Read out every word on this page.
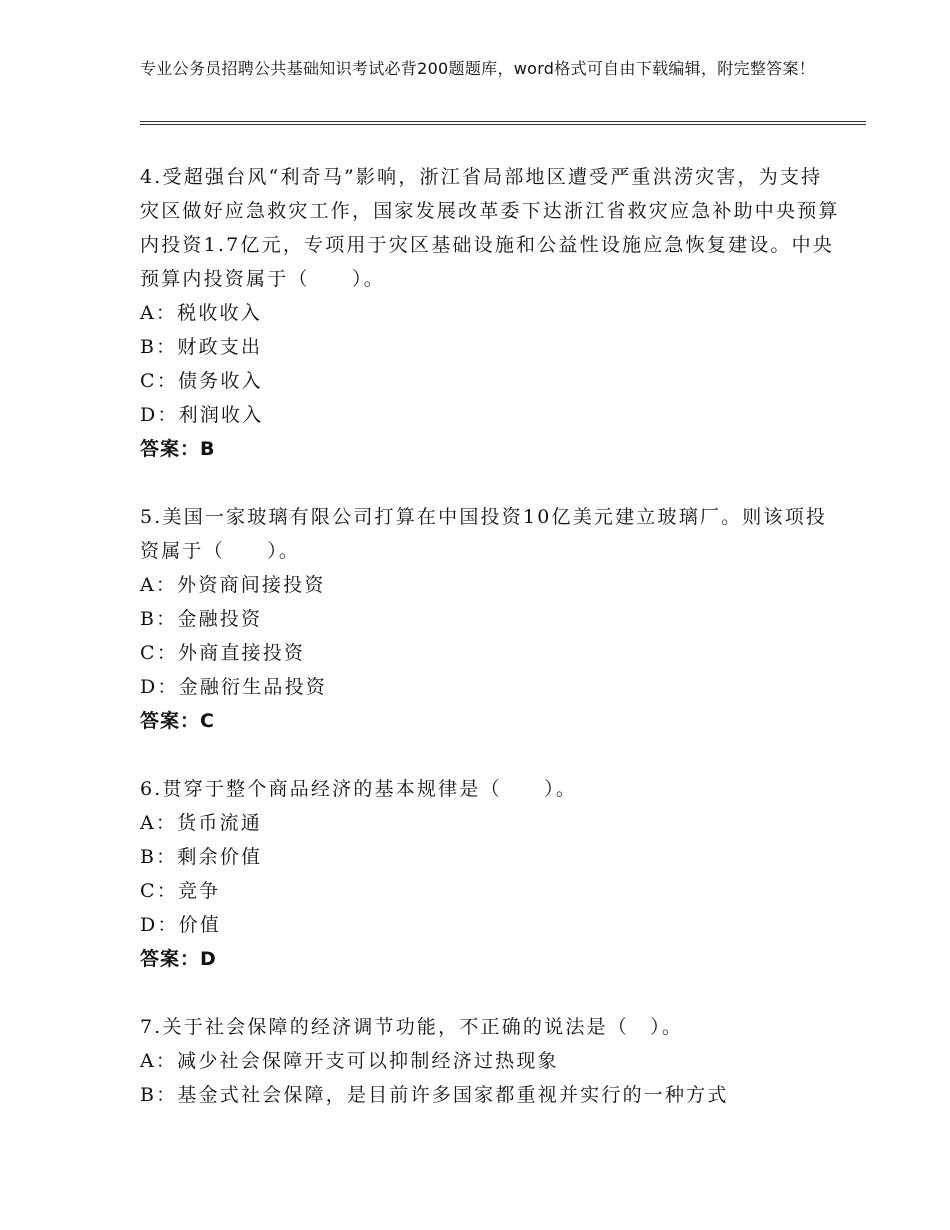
专业公务员招聘公共基础知识考试必背200题题库，word格式可自由下载编辑，附完整答案！
4.受超强台风“利奇马”影响，浙江省局部地区遭受严重洪涝灾害，为支持灾区做好应急救灾工作，国家发展改革委下达浙江省救灾应急补助中央预算内投资1.7亿元，专项用于灾区基础设施和公益性设施应急恢复建设。中央预算内投资属于（　　）。
A：税收收入
B：财政支出
C：债务收入
D：利润收入
答案：B
5.美国一家玻璃有限公司打算在中国投资10亿美元建立玻璃厂。则该项投资属于（　　）。
A：外资商间接投资
B：金融投资
C：外商直接投资
D：金融衍生品投资
答案：C
6.贯穿于整个商品经济的基本规律是（　　）。
A：货币流通
B：剩余价值
C：竞争
D：价值
答案：D
7.关于社会保障的经济调节功能，不正确的说法是（　）。
A：减少社会保障开支可以抑制经济过热现象
B：基金式社会保障，是目前许多国家都重视并实行的一种方式
